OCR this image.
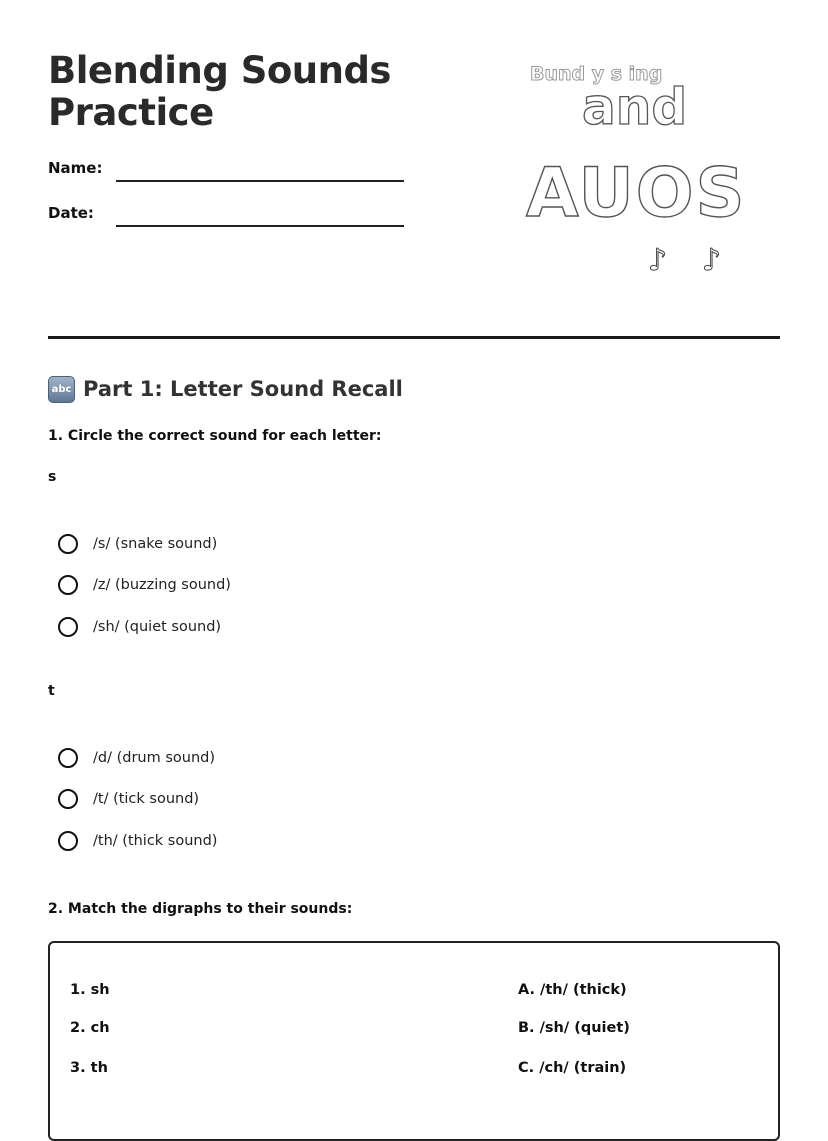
Blending Sounds
Practice
Name:
Date:
Bund y s ing
and
AUOS
♪ ♪
abc Part 1: Letter Sound Recall
1. Circle the correct sound for each letter:
s
/s/ (snake sound)
/z/ (buzzing sound)
/sh/ (quiet sound)
t
/d/ (drum sound)
/t/ (tick sound)
/th/ (thick sound)
2. Match the digraphs to their sounds:
1. sh
2. ch
3. th
A. /th/ (thick)
B. /sh/ (quiet)
C. /ch/ (train)
